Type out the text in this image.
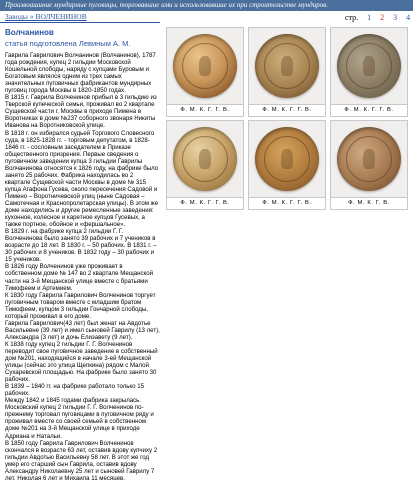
Произвоашиние мундирные пуговицы, торговавшие ими и использовавшие их при строительстве мундиров.
Заводы » ВОЛЧЕНИНОВ	стр. 1 2 3 4
Волчанинов
статья подготовлена Левиным А. М.

Гаврила Гаврилович Волчанинов (Волчанинов), 1787 года рождения, купец 2 гильдии Московской Кошельной слободы, наряду с купцами Буровым и Богатовым являлся одним из трех самых значительных пуговичных фабрикантов мундирных пуговиц города Москвы в 1820-1850 годах.

В 1815 г. Гаврила Волченинов прибыл в 3 гильдию из Тверской купеческой семьи, проживал во 2 квартале Сущевской части г. Москвы в приходе Пимена в Воротниках в доме №237 соборного звонаря Никиты Иванова на Воротниковской улице.

В 1818 г. он избирался судьей Торгового Словесного суда, в 1825-1828 гг. - торговым депутатом, в 1828-1846 гг. - сословным заседателем в Приказе общественного призрения. Первые сведения о пуговичном заведении купца 3 гильдии Гаврилы Волчанинова относятся к 1826 году, на фабрике было занято 25 рабочих. Фабрика находилась во 2 квартале Сущевской части Москвы в доме № 315 купца Агафона Гусева, около пересечения Садовой и Пимено – Воротничевской улиц (ныне Садовая – Самотечная и Краснопролетарская улицы). В этом же доме находились и другие ремесленные заведения: кухонное, колесное и каретное купцов Гусевых, а также портное, обойное и «фершальное».

В 1829 г. на фабрике купца 2 гильдии Г. Г. Волченинова было занято 39 рабочих и 7 учеников в возрасте до 18 лет. В 1830 г. – 50 рабочих. В 1831 г. – 30 рабочих и 8 учеников. В 1832 году – 30 рабочих и 15 учеников.

В 1826 году Волченинов уже проживает в собственном доме № 147 во 2 квартале Мещанской части на 3-й Мещанской улице вместе с братьями Тимофеем и Артемием.

К 1830 году Гаврила Гаврилович Волченинов торгует пуговичным товаром вместе с младшим братом Тимофеем, купцом 3 гильдии Гончарной слободы, который проживал в его доме.

Гаврила Гаврилович(43 лет) был женат на Авдотье Васильевне (39 лет) и имел сыновей Гаврилу (13 лет), Александра (3 лет) и дочь Елизавету (9 лет).

К 1838 году купец 2 гильдии Г. Г. Волченинов переводит свое пуговичное заведение в собственный дом №201, находящийся в начале 3-ей Мещанской улицы (сейчас это улица Щепкина) рядом с Малой Сухаревской площадью. На фабрике было занято 30 рабочих.

В 1839 – 1840 гг. на фабрике работало только 15 рабочих.

Между 1842 и 1845 годами фабрика закрылась.

Московский купец 2 гильдии Г. Г. Волченинов по-прежнему торговал пуговицами в пуговичном ряду и проживал вместе со своей семьей в собственном доме №201 на 3-й Мещанской улице в приходе Адриана и Натальи.

В 1850 году Гаврила Гаврилович Волченинов скончался в возрасте 63 лет, оставив вдову купчиху 2 гильдии Авдотью Васильевну 58 лет. В этот же год умер его старший сын Гаврила, оставив вдову Александру Николаевну 25 лет и сыновей Гаврилу 7 лет, Николая 6 лет и Михаила 11 месяцев.

Ф. М. К. Г. Г. В.	Ф. М. К. Г. Г. В.	Ф. М. К. Г. Г. В.
Ф. М. К. Г. Г. В.	Ф. М. К. Г. Г. В.	Ф. М. К. Г. В.
